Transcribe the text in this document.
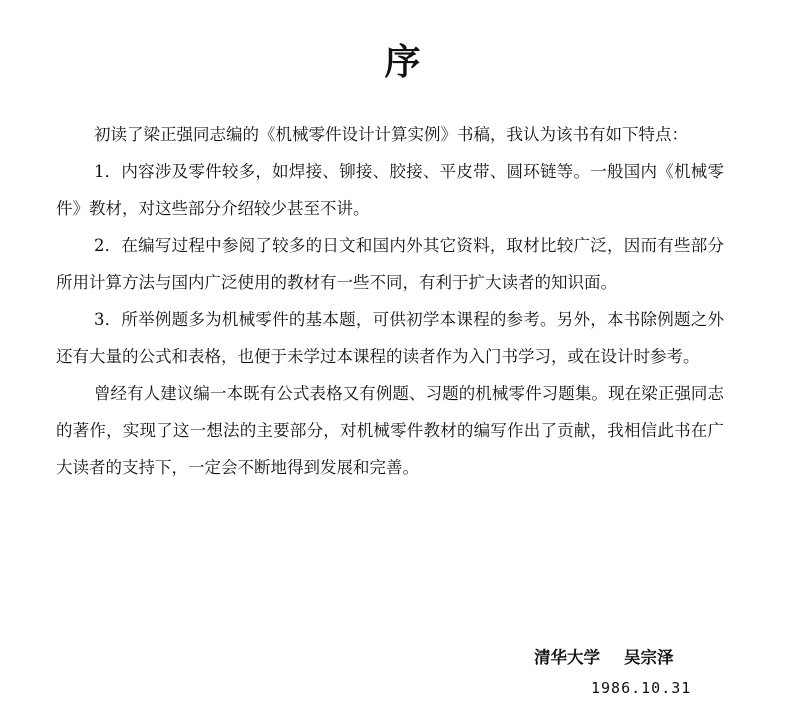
序

初读了梁正强同志编的《机械零件设计计算实例》书稿，我认为该书有如下特点：

1．内容涉及零件较多，如焊接、铆接、胶接、平皮带、圆环链等。一般国内《机械零件》教材，对这些部分介绍较少甚至不讲。

2．在编写过程中参阅了较多的日文和国内外其它资料，取材比较广泛，因而有些部分所用计算方法与国内广泛使用的教材有一些不同，有利于扩大读者的知识面。

3．所举例题多为机械零件的基本题，可供初学本课程的参考。另外，本书除例题之外还有大量的公式和表格，也便于未学过本课程的读者作为入门书学习，或在设计时参考。

曾经有人建议编一本既有公式表格又有例题、习题的机械零件习题集。现在梁正强同志的著作，实现了这一想法的主要部分，对机械零件教材的编写作出了贡献，我相信此书在广大读者的支持下，一定会不断地得到发展和完善。

清华大学 吴宗泽
1986.10.31
